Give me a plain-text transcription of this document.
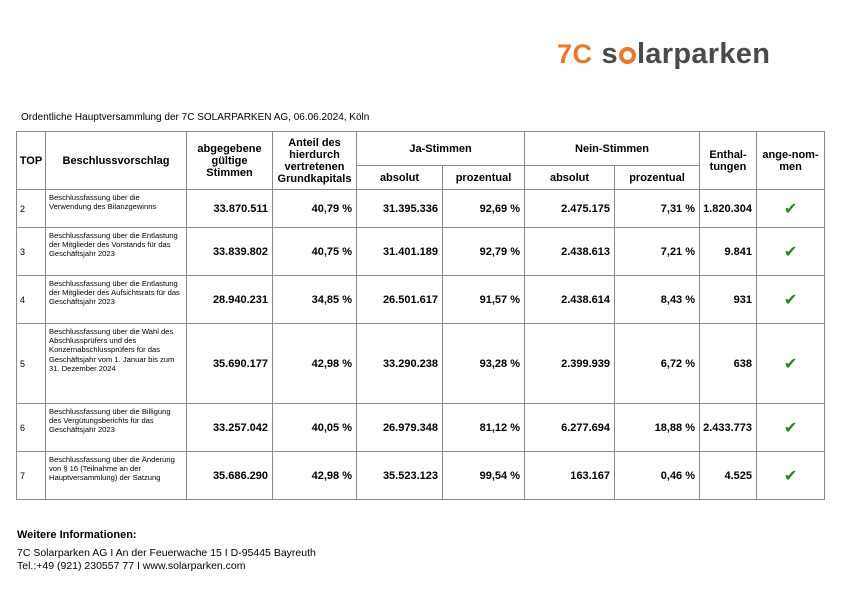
7C s larparken
Ordentliche Hauptversammlung der 7C SOLARPARKEN AG, 06.06.2024, Köln
TOP	Beschlussvorschlag	abgegebene gültige Stimmen	Anteil des hierdurch vertretenen Grundkapitals	Ja-Stimmen		Nein-Stimmen		Enthal-tungen	ange-nom-men
				absolut	prozentual	absolut	prozentual		
2	Beschlussfassung über die Verwendung des Bilanzgewinns	33.870.511	40,79 %	31.395.336	92,69 %	2.475.175	7,31 %	1.820.304	✔
3	Beschlussfassung über die Entlastung der Mitglieder des Vorstands für das Geschäftsjahr 2023	33.839.802	40,75 %	31.401.189	92,79 %	2.438.613	7,21 %	9.841	✔
4	Beschlussfassung über die Entlastung der Mitglieder des Aufsichtsrats für das Geschäftsjahr 2023	28.940.231	34,85 %	26.501.617	91,57 %	2.438.614	8,43 %	931	✔
5	Beschlussfassung über die Wahl des Abschlussprüfers und des Konzernabschlussprüfers für das Geschäftsjahr vom 1. Januar bis zum 31. Dezember 2024	35.690.177	42,98 %	33.290.238	93,28 %	2.399.939	6,72 %	638	✔
6	Beschlussfassung über die Billigung des Vergütungsberichts für das Geschäftsjahr 2023	33.257.042	40,05 %	26.979.348	81,12 %	6.277.694	18,88 %	2.433.773	✔
7	Beschlussfassung über die Änderung von § 16 (Teilnahme an der Hauptversammlung) der Satzung	35.686.290	42,98 %	35.523.123	99,54 %	163.167	0,46 %	4.525	✔
Weitere Informationen:
7C Solarparken AG I An der Feuerwache 15 I D-95445 Bayreuth
Tel.:+49 (921) 230557 77 I www.solarparken.com
